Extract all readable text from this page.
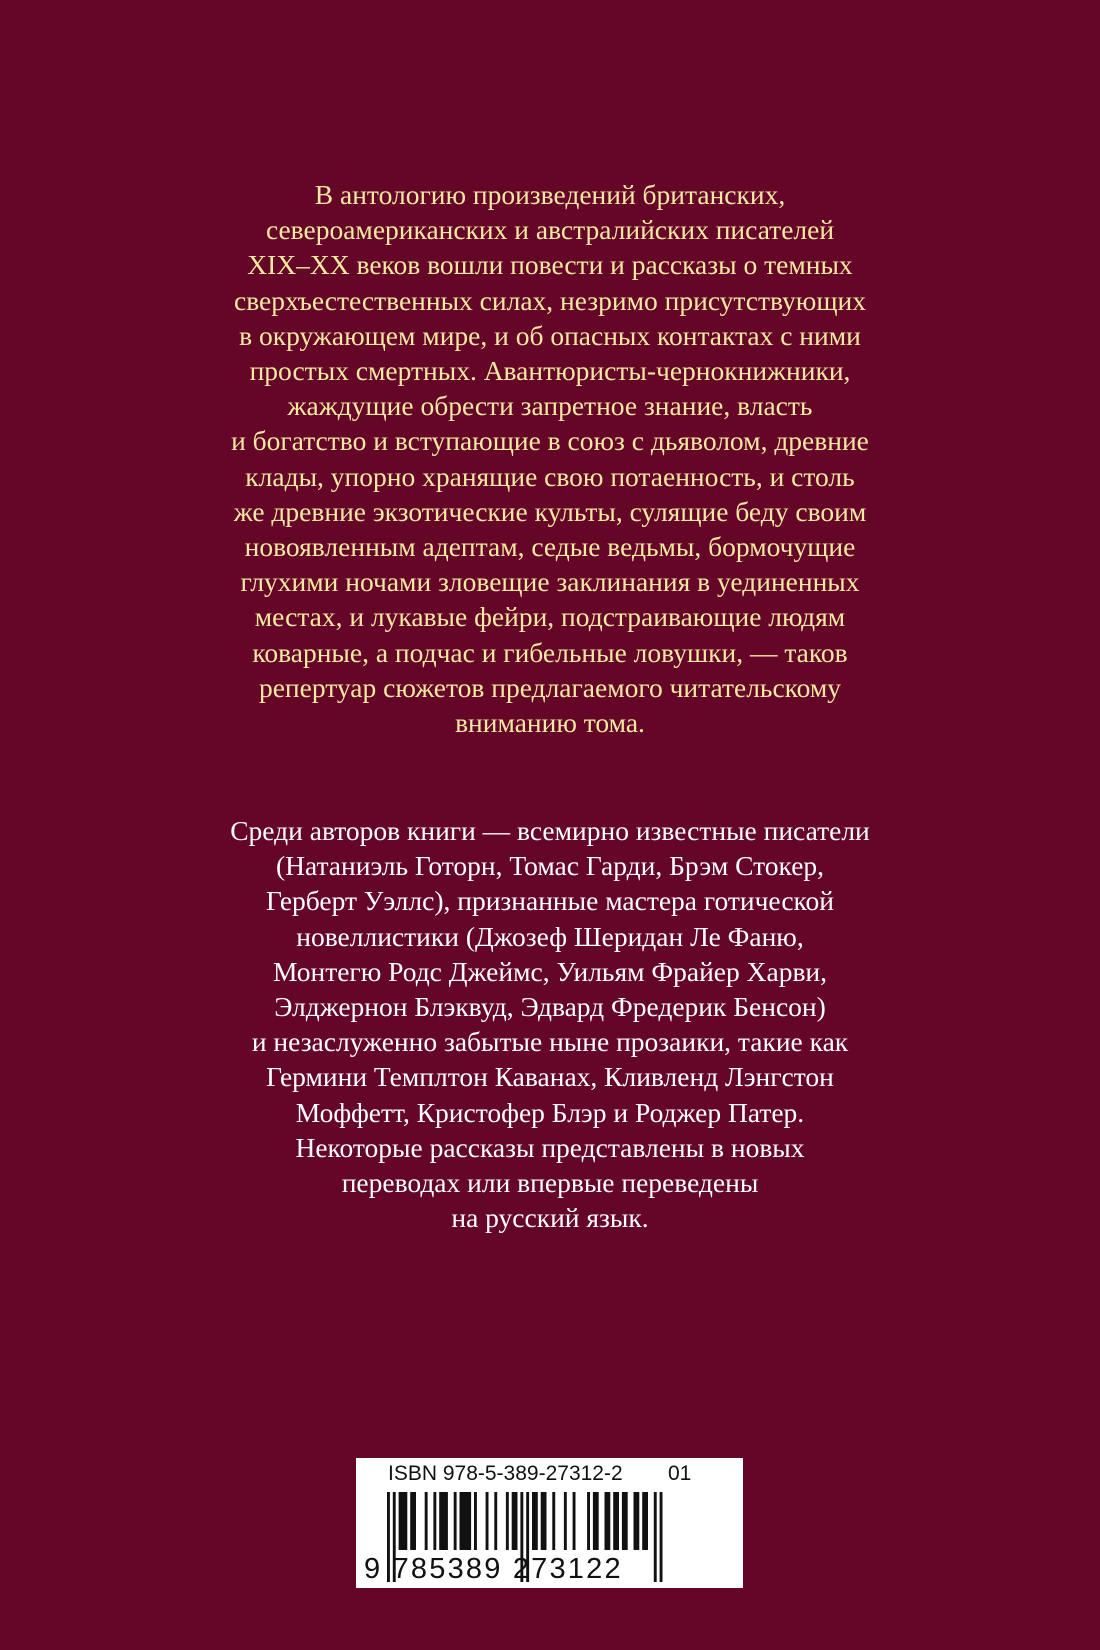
В антологию произведений британских,
североамериканских и австралийских писателей
XIX–XX веков вошли повести и рассказы о темных
сверхъестественных силах, незримо присутствующих
в окружающем мире, и об опасных контактах с ними
простых смертных. Авантюристы-чернокнижники,
жаждущие обрести запретное знание, власть
и богатство и вступающие в союз с дьяволом, древние
клады, упорно хранящие свою потаенность, и столь
же древние экзотические культы, сулящие беду своим
новоявленным адептам, седые ведьмы, бормочущие
глухими ночами зловещие заклинания в уединенных
местах, и лукавые фейри, подстраивающие людям
коварные, а подчас и гибельные ловушки, — таков
репертуар сюжетов предлагаемого читательскому
вниманию тома.

Среди авторов книги — всемирно известные писатели
(Натаниэль Готорн, Томас Гарди, Брэм Стокер,
Герберт Уэллс), признанные мастера готической
новеллистики (Джозеф Шеридан Ле Фаню,
Монтегю Родс Джеймс, Уильям Фрайер Харви,
Элджернон Блэквуд, Эдвард Фредерик Бенсон)
и незаслуженно забытые ныне прозаики, такие как
Гермини Темплтон Каванах, Кливленд Лэнгстон
Моффетт, Кристофер Блэр и Роджер Патер.
Некоторые рассказы представлены в новых
переводах или впервые переведены
на русский язык.

ISBN 978-5-389-27312-2 01
9 785389 273122
